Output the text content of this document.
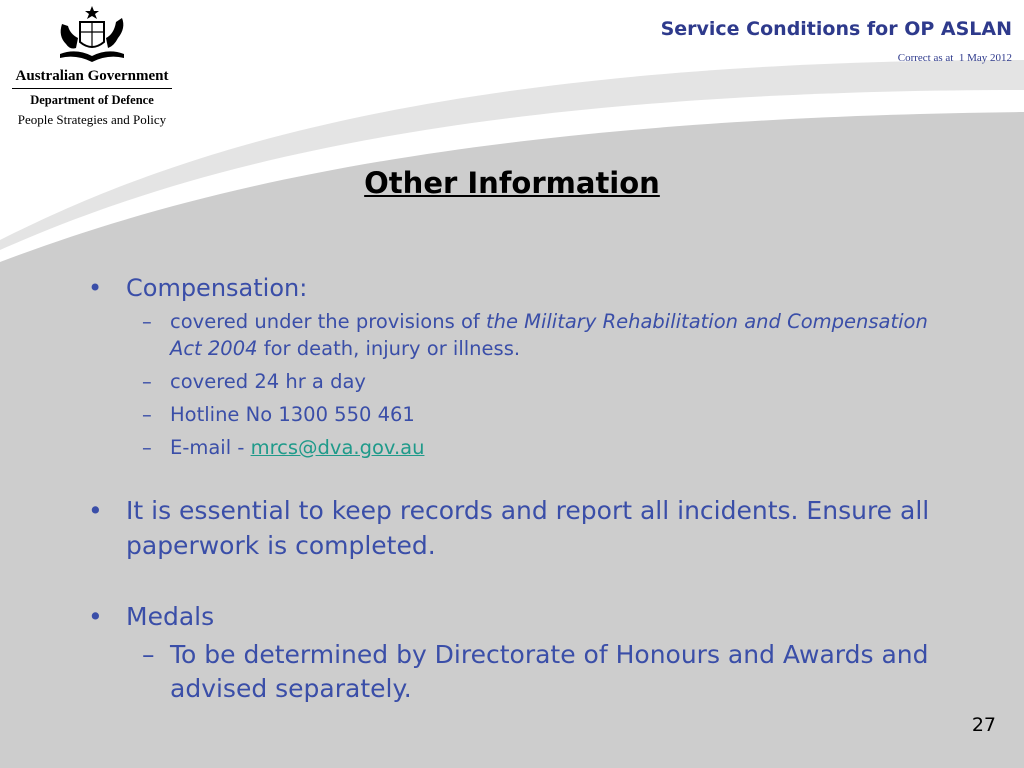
Australian Government
Department of Defence
People Strategies and Policy
Service Conditions for OP ASLAN
Correct as at  1 May 2012
Other Information
• Compensation:
– covered under the provisions of the Military Rehabilitation and Compensation Act 2004 for death, injury or illness.
– covered 24 hr a day
– Hotline No 1300 550 461
– E-mail - mrcs@dva.gov.au
• It is essential to keep records and report all incidents. Ensure all paperwork is completed.
• Medals
– To be determined by Directorate of Honours and Awards and advised separately.
27
